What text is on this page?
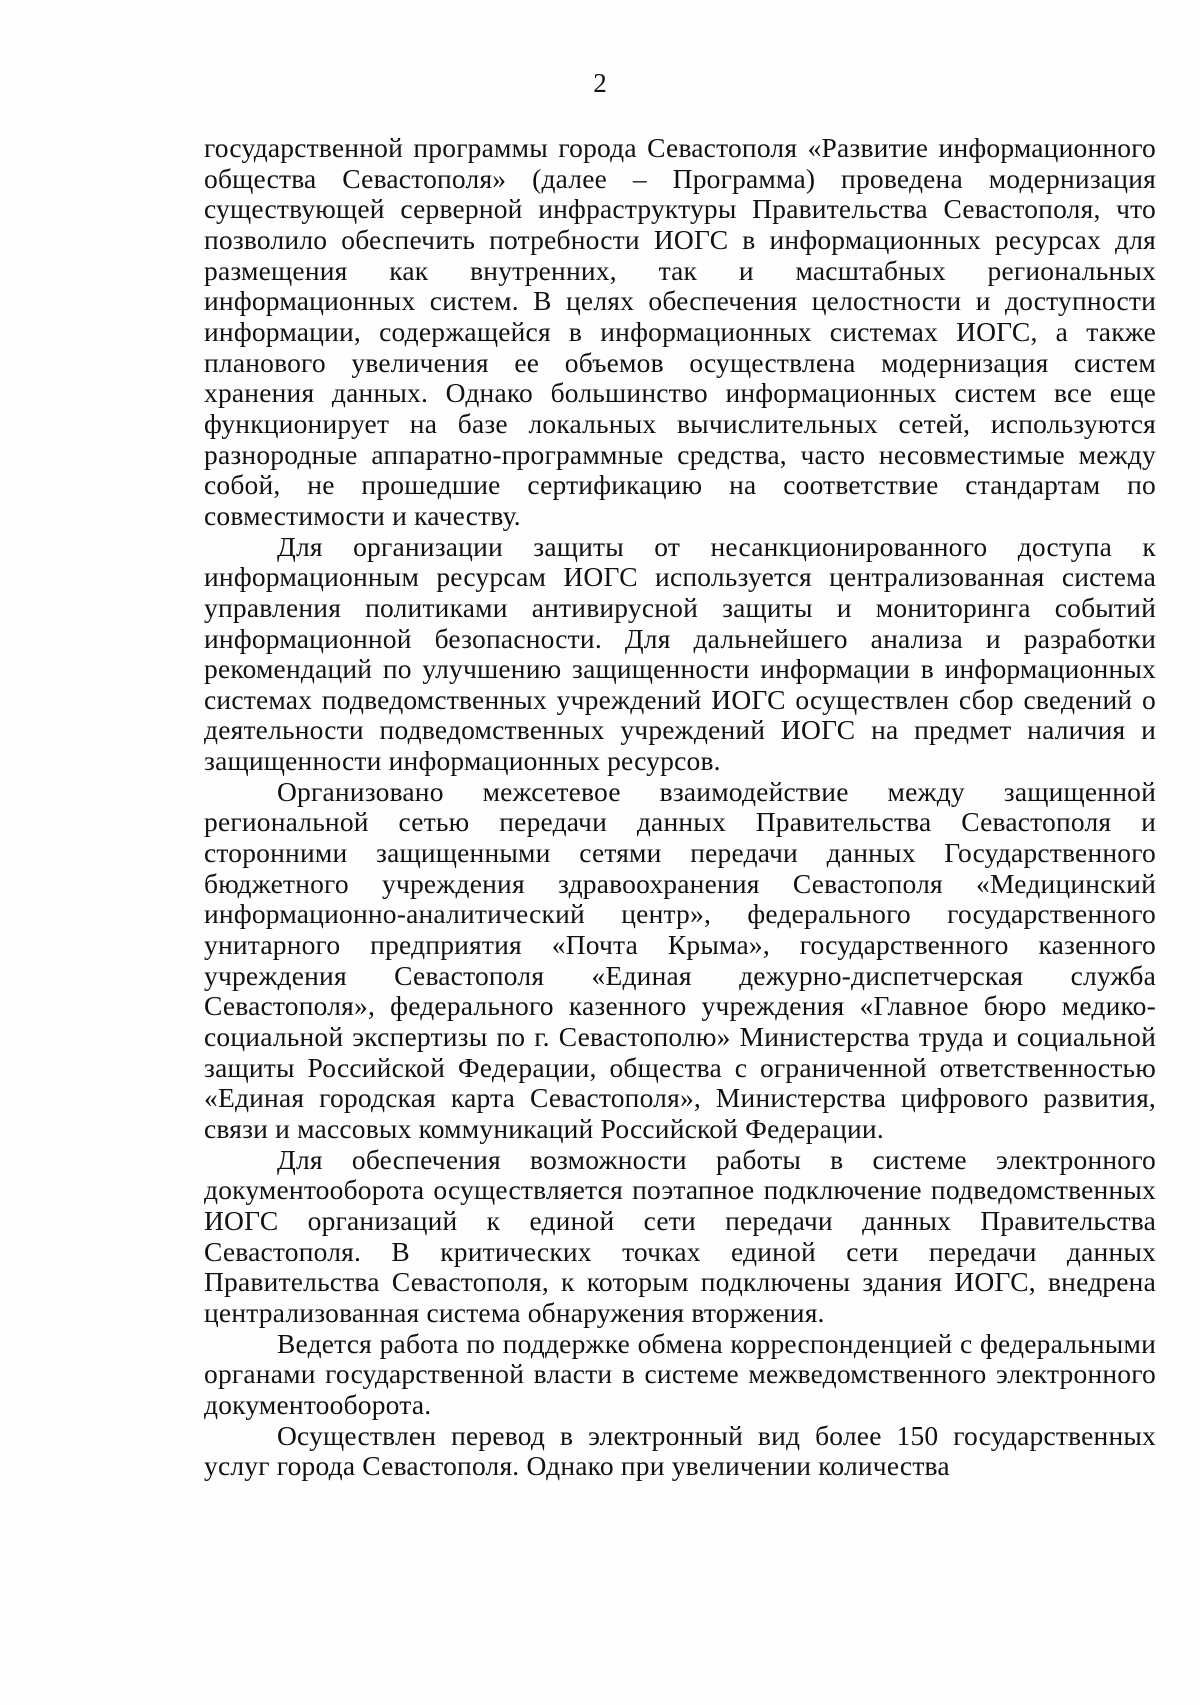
2

государственной программы города Севастополя «Развитие информационного общества Севастополя» (далее – Программа) проведена модернизация существующей серверной инфраструктуры Правительства Севастополя, что позволило обеспечить потребности ИОГС в информационных ресурсах для размещения как внутренних, так и масштабных региональных информационных систем. В целях обеспечения целостности и доступности информации, содержащейся в информационных системах ИОГС, а также планового увеличения ее объемов осуществлена модернизация систем хранения данных. Однако большинство информационных систем все еще функционирует на базе локальных вычислительных сетей, используются разнородные аппаратно-программные средства, часто несовместимые между собой, не прошедшие сертификацию на соответствие стандартам по совместимости и качеству.

Для организации защиты от несанкционированного доступа к информационным ресурсам ИОГС используется централизованная система управления политиками антивирусной защиты и мониторинга событий информационной безопасности. Для дальнейшего анализа и разработки рекомендаций по улучшению защищенности информации в информационных системах подведомственных учреждений ИОГС осуществлен сбор сведений о деятельности подведомственных учреждений ИОГС на предмет наличия и защищенности информационных ресурсов.

Организовано межсетевое взаимодействие между защищенной региональной сетью передачи данных Правительства Севастополя и сторонними защищенными сетями передачи данных Государственного бюджетного учреждения здравоохранения Севастополя «Медицинский информационно-аналитический центр», федерального государственного унитарного предприятия «Почта Крыма», государственного казенного учреждения Севастополя «Единая дежурно-диспетчерская служба Севастополя», федерального казенного учреждения «Главное бюро медико-социальной экспертизы по г. Севастополю» Министерства труда и социальной защиты Российской Федерации, общества с ограниченной ответственностью «Единая городская карта Севастополя», Министерства цифрового развития, связи и массовых коммуникаций Российской Федерации.

Для обеспечения возможности работы в системе электронного документооборота осуществляется поэтапное подключение подведомственных ИОГС организаций к единой сети передачи данных Правительства Севастополя. В критических точках единой сети передачи данных Правительства Севастополя, к которым подключены здания ИОГС, внедрена централизованная система обнаружения вторжения.

Ведется работа по поддержке обмена корреспонденцией с федеральными органами государственной власти в системе межведомственного электронного документооборота.

Осуществлен перевод в электронный вид более 150 государственных услуг города Севастополя. Однако при увеличении количества
